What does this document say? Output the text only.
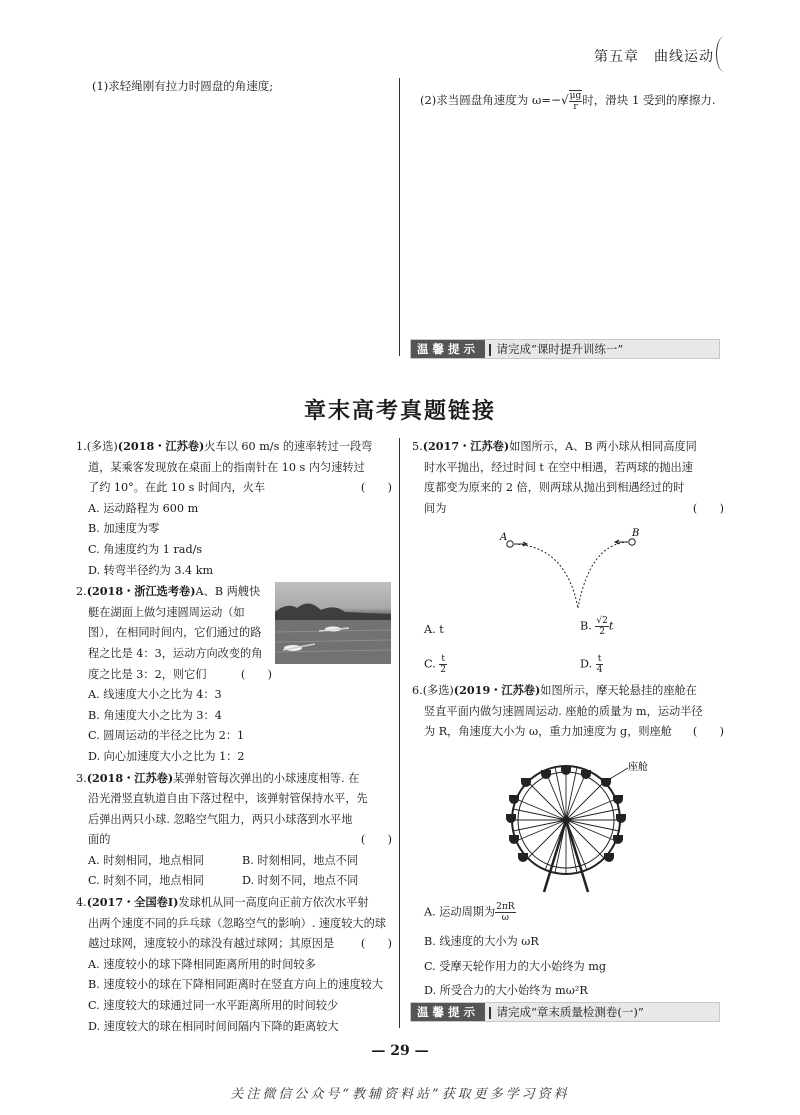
第五章　曲线运动
(1)求轻绳刚有拉力时圆盘的角速度;
(2)求当圆盘角速度为 $\omega=-√ \frac{\mu g}{r}$ 时，滑块 1 受到的摩擦力.
温馨提示 请完成“课时提升训练一”
章末高考真题链接

1.(多选)(2018・江苏卷)火车以 60 m/s 的速率转过一段弯

道，某乘客发现放在桌面上的指南针在 10 s 内匀速转过

了约 10°。在此 10 s 时间内，火车	(　　)

A. 运动路程为 600 m

B. 加速度为零

C. 角速度约为 1 rad/s

D. 转弯半径约为 3.4 km

2.(2018・浙江选考卷)A、B 两艘快

艇在湖面上做匀速圆周运动（如

图），在相同时间内，它们通过的路

程之比是 4：3，运动方向改变的角

度之比是 3：2，则它们	(　　)

A. 线速度大小之比为 4：3

B. 角速度大小之比为 3：4

C. 圆周运动的半径之比为 2：1

D. 向心加速度大小之比为 1：2

3.(2018・江苏卷)某弹射管每次弹出的小球速度相等. 在

沿光滑竖直轨道自由下落过程中，该弹射管保持水平，先

后弹出两只小球. 忽略空气阻力，两只小球落到水平地

面的	(　　)

A. 时刻相同，地点相同	B. 时刻相同，地点不同

C. 时刻不同，地点相同	D. 时刻不同，地点不同

4.(2017・全国卷Ⅰ)发球机从同一高度向正前方依次水平射

出两个速度不同的乒乓球（忽略空气的影响）. 速度较大的球

越过球网，速度较小的球没有越过球网；其原因是 (　　)

A. 速度较小的球下降相同距离所用的时间较多

B. 速度较小的球在下降相同距离时在竖直方向上的速度较大

C. 速度较大的球通过同一水平距离所用的时间较少

D. 速度较大的球在相同时间间隔内下降的距离较大

5.(2017・江苏卷)如图所示，A、B 两小球从相同高度同

时水平抛出，经过时间 t 在空中相遇，若两球的抛出速

度都变为原来的 2 倍，则两球从抛出到相遇经过的时

间为	(　　)

A	B
A. t	B. $\frac{√2}{2}$ t
C. $\frac{t}{2}$	D. $\frac{t}{4}$

6.(多选)(2019・江苏卷)如图所示，摩天轮悬挂的座舱在

竖直平面内做匀速圆周运动. 座舱的质量为 m，运动半径

为 R，角速度大小为 ω，重力加速度为 g，则座舱 (　　)

座舱

A. 运动周期为 $\frac{2\pi R}{\omega}$

B. 线速度的大小为 ωR

C. 受摩天轮作用力的大小始终为 mg

D. 所受合力的大小始终为 mω²R

温馨提示 请完成“章末质量检测卷(一)”
— 29 —
关注微信公众号“教辅资料站”获取更多学习资料
